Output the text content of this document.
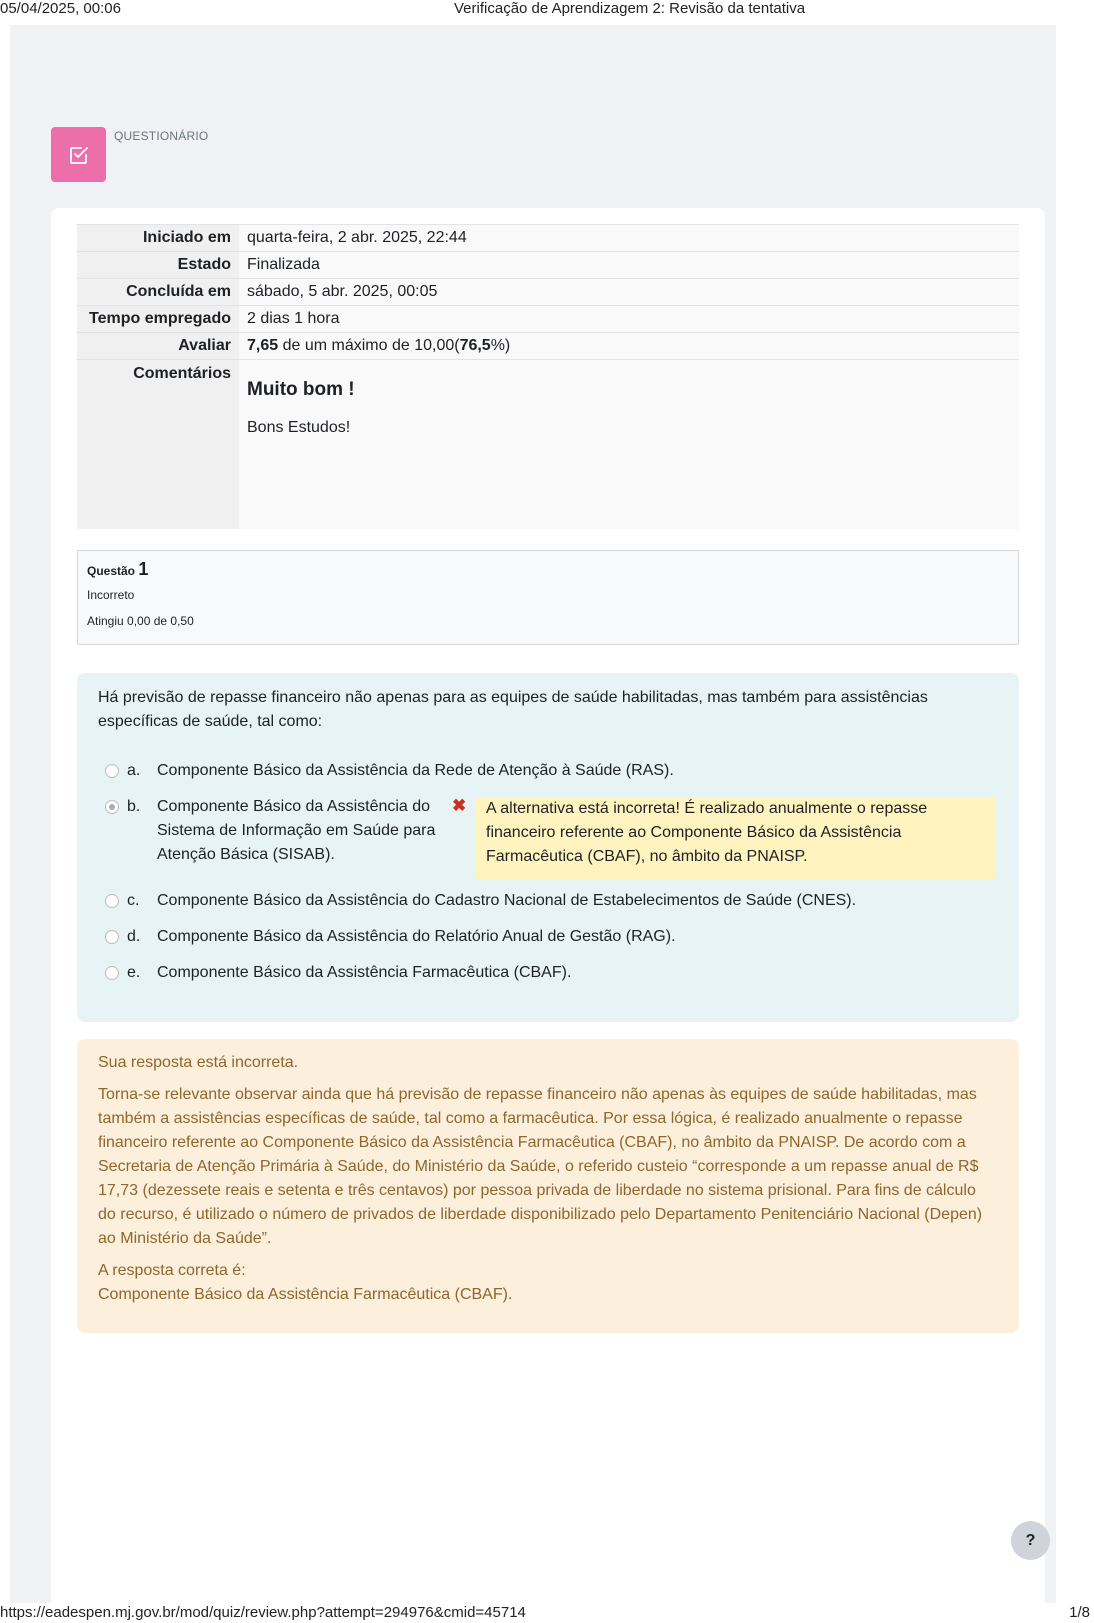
05/04/2025, 00:06	Verificação de Aprendizagem 2: Revisão da tentativa
QUESTIONÁRIO
Iniciado em	quarta-feira, 2 abr. 2025, 22:44
Estado	Finalizada
Concluída em	sábado, 5 abr. 2025, 00:05
Tempo empregado	2 dias 1 hora
Avaliar	7,65 de um máximo de 10,00(76,5%)
Comentários	Muito bom !
Bons Estudos!
Questão 1
Incorreto
Atingiu 0,00 de 0,50
Há previsão de repasse financeiro não apenas para as equipes de saúde habilitadas, mas também para assistências específicas de saúde, tal como:
a.	Componente Básico da Assistência da Rede de Atenção à Saúde (RAS).
b.	Componente Básico da Assistência do Sistema de Informação em Saúde para Atenção Básica (SISAB).
✖	A alternativa está incorreta! É realizado anualmente o repasse financeiro referente ao Componente Básico da Assistência Farmacêutica (CBAF), no âmbito da PNAISP.
c.	Componente Básico da Assistência do Cadastro Nacional de Estabelecimentos de Saúde (CNES).
d.	Componente Básico da Assistência do Relatório Anual de Gestão (RAG).
e.	Componente Básico da Assistência Farmacêutica (CBAF).

Sua resposta está incorreta.

Torna-se relevante observar ainda que há previsão de repasse financeiro não apenas às equipes de saúde habilitadas, mas também a assistências específicas de saúde, tal como a farmacêutica. Por essa lógica, é realizado anualmente o repasse financeiro referente ao Componente Básico da Assistência Farmacêutica (CBAF), no âmbito da PNAISP. De acordo com a Secretaria de Atenção Primária à Saúde, do Ministério da Saúde, o referido custeio “corresponde a um repasse anual de R$ 17,73 (dezessete reais e setenta e três centavos) por pessoa privada de liberdade no sistema prisional. Para fins de cálculo do recurso, é utilizado o número de privados de liberdade disponibilizado pelo Departamento Penitenciário Nacional (Depen) ao Ministério da Saúde”.

A resposta correta é:

Componente Básico da Assistência Farmacêutica (CBAF).

?
https://eadespen.mj.gov.br/mod/quiz/review.php?attempt=294976&cmid=45714	1/8
